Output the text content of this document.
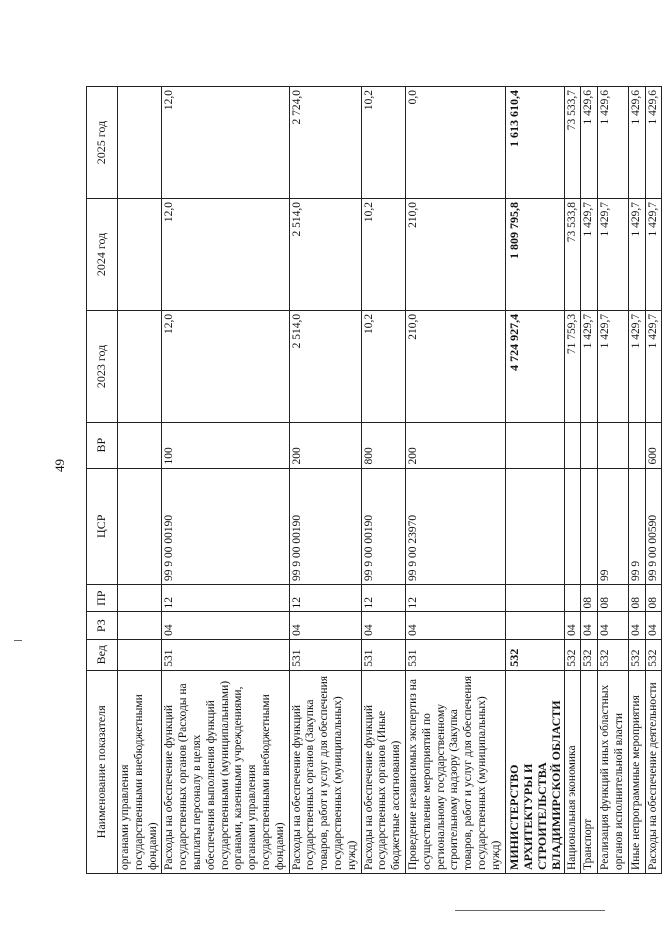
49
Наименование показателя	Вед	РЗ	ПР	ЦСР	ВР	2023 год	2024 год	2025 год
органами управления государственными внебюджетными фондами)								
Расходы на обеспечение функций государственных органов (Расходы на выплаты персоналу в целях обеспечения выполнения функций государственными (муниципальными) органами, казенными учреждениями, органами управления государственными внебюджетными фондами)	531	04	12	99 9 00 00190	100	12,0	12,0	12,0
Расходы на обеспечение функций государственных органов (Закупка товаров, работ и услуг для обеспечения государственных (муниципальных) нужд)	531	04	12	99 9 00 00190	200	2 514,0	2 514,0	2 724,0
Расходы на обеспечение функций государственных органов (Иные бюджетные ассигнования)	531	04	12	99 9 00 00190	800	10,2	10,2	10,2
Проведение независимых экспертиз на осуществление мероприятий по региональному государственному строительному надзору (Закупка товаров, работ и услуг для обеспечения государственных (муниципальных) нужд)	531	04	12	99 9 00 23970	200	210,0	210,0	0,0
МИНИСТЕРСТВО АРХИТЕКТУРЫ И СТРОИТЕЛЬСТВА ВЛАДИМИРСКОЙ ОБЛАСТИ	532					4 724 927,4	1 809 795,8	1 613 610,4
Национальная экономика	532	04				71 759,3	73 533,8	73 533,7
Транспорт	532	04	08			1 429,7	1 429,7	1 429,6
Реализация функций иных областных органов исполнительной власти	532	04	08	99		1 429,7	1 429,7	1 429,6
Иные непрограммные мероприятия	532	04	08	99 9		1 429,7	1 429,7	1 429,6
Расходы на обеспечение деятельности	532	04	08	99 9 00 00590	600	1 429,7	1 429,7	1 429,6
